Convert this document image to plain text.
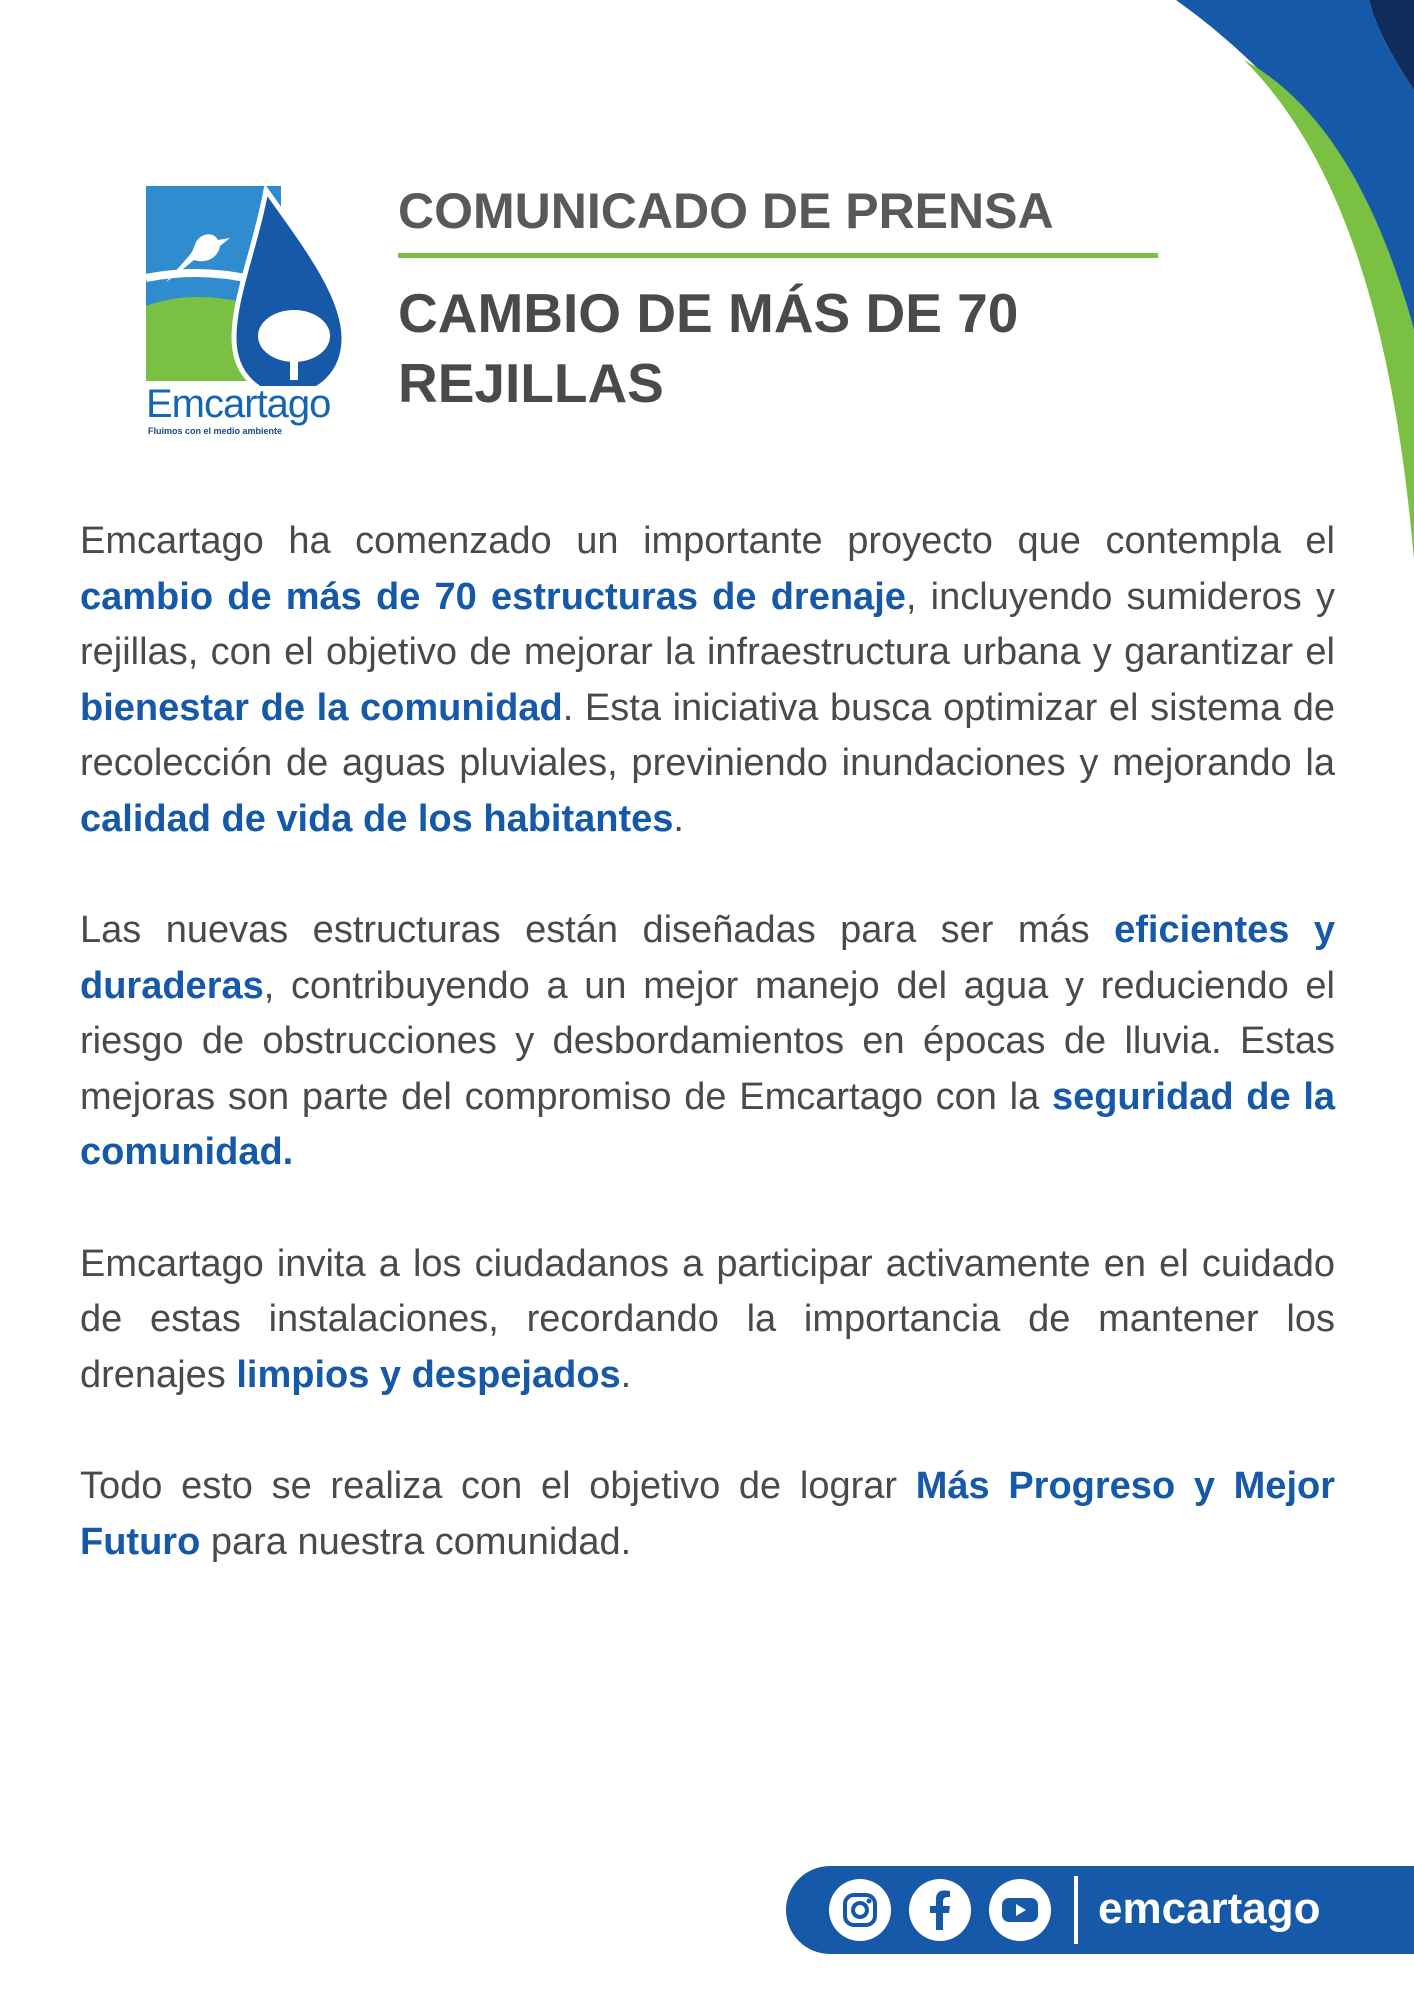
Emcartago
Fluimos con el medio ambiente
COMUNICADO DE PRENSA
CAMBIO DE MÁS DE 70 REJILLAS

Emcartago ha comenzado un importante proyecto que contempla el cambio de más de 70 estructuras de drenaje, incluyendo sumideros y rejillas, con el objetivo de mejorar la infraestructura urbana y garantizar el bienestar de la comunidad. Esta iniciativa busca optimizar el sistema de recolección de aguas pluviales, previniendo inundaciones y mejorando la calidad de vida de los habitantes.

Las nuevas estructuras están diseñadas para ser más eficientes y duraderas, contribuyendo a un mejor manejo del agua y reduciendo el riesgo de obstrucciones y desbordamientos en épocas de lluvia. Estas mejoras son parte del compromiso de Emcartago con la seguridad de la comunidad.

Emcartago invita a los ciudadanos a participar activamente en el cuidado de estas instalaciones, recordando la importancia de mantener los drenajes limpios y despejados.

Todo esto se realiza con el objetivo de lograr Más Progreso y Mejor Futuro para nuestra comunidad.

emcartago
